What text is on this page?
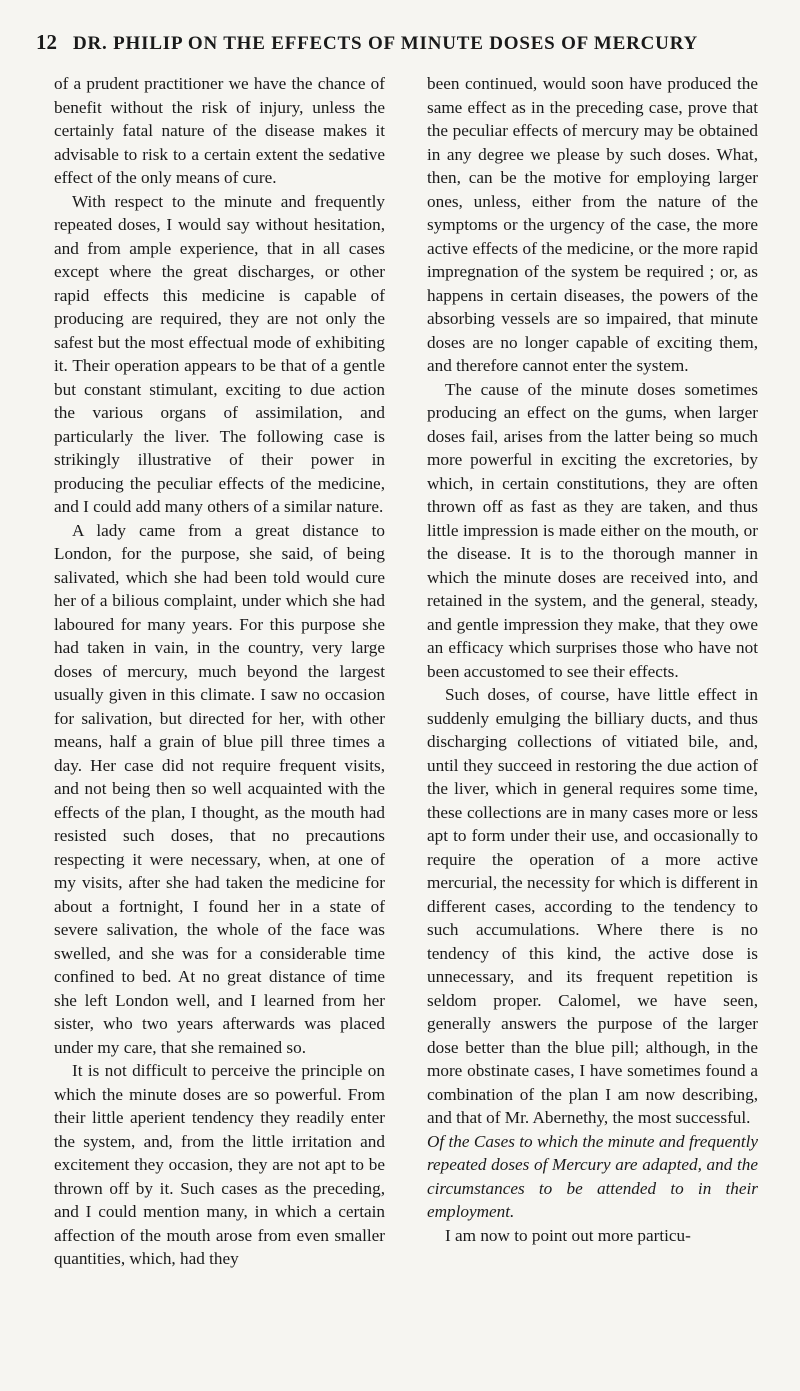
12 DR. PHILIP ON THE EFFECTS OF MINUTE DOSES OF MERCURY

of a prudent practitioner we have the chance of benefit without the risk of injury, unless the certainly fatal nature of the disease makes it advisable to risk to a certain extent the sedative effect of the only means of cure.

With respect to the minute and frequently repeated doses, I would say without hesitation, and from ample experience, that in all cases except where the great discharges, or other rapid effects this medicine is capable of producing are required, they are not only the safest but the most effectual mode of exhibiting it. Their operation appears to be that of a gentle but constant stimulant, exciting to due action the various organs of assimilation, and particularly the liver. The following case is strikingly illustrative of their power in producing the peculiar effects of the medicine, and I could add many others of a similar nature.

A lady came from a great distance to London, for the purpose, she said, of being salivated, which she had been told would cure her of a bilious complaint, under which she had laboured for many years. For this purpose she had taken in vain, in the country, very large doses of mercury, much beyond the largest usually given in this climate. I saw no occasion for salivation, but directed for her, with other means, half a grain of blue pill three times a day. Her case did not require frequent visits, and not being then so well acquainted with the effects of the plan, I thought, as the mouth had resisted such doses, that no precautions respecting it were necessary, when, at one of my visits, after she had taken the medicine for about a fortnight, I found her in a state of severe salivation, the whole of the face was swelled, and she was for a considerable time confined to bed. At no great distance of time she left London well, and I learned from her sister, who two years afterwards was placed under my care, that she remained so.

It is not difficult to perceive the principle on which the minute doses are so powerful. From their little aperient tendency they readily enter the system, and, from the little irritation and excitement they occasion, they are not apt to be thrown off by it. Such cases as the preceding, and I could mention many, in which a certain affection of the mouth arose from even smaller quantities, which, had they

been continued, would soon have produced the same effect as in the preceding case, prove that the peculiar effects of mercury may be obtained in any degree we please by such doses. What, then, can be the motive for employing larger ones, unless, either from the nature of the symptoms or the urgency of the case, the more active effects of the medicine, or the more rapid impregnation of the system be required ; or, as happens in certain diseases, the powers of the absorbing vessels are so impaired, that minute doses are no longer capable of exciting them, and therefore cannot enter the system.

The cause of the minute doses sometimes producing an effect on the gums, when larger doses fail, arises from the latter being so much more powerful in exciting the excretories, by which, in certain constitutions, they are often thrown off as fast as they are taken, and thus little impression is made either on the mouth, or the disease. It is to the thorough manner in which the minute doses are received into, and retained in the system, and the general, steady, and gentle impression they make, that they owe an efficacy which surprises those who have not been accustomed to see their effects.

Such doses, of course, have little effect in suddenly emulging the billiary ducts, and thus discharging collections of vitiated bile, and, until they succeed in restoring the due action of the liver, which in general requires some time, these collections are in many cases more or less apt to form under their use, and occasionally to require the operation of a more active mercurial, the necessity for which is different in different cases, according to the tendency to such accumulations. Where there is no tendency of this kind, the active dose is unnecessary, and its frequent repetition is seldom proper. Calomel, we have seen, generally answers the purpose of the larger dose better than the blue pill; although, in the more obstinate cases, I have sometimes found a combination of the plan I am now describing, and that of Mr. Abernethy, the most successful.

Of the Cases to which the minute and frequently repeated doses of Mercury are adapted, and the circumstances to be attended to in their employment.

I am now to point out more particu-
